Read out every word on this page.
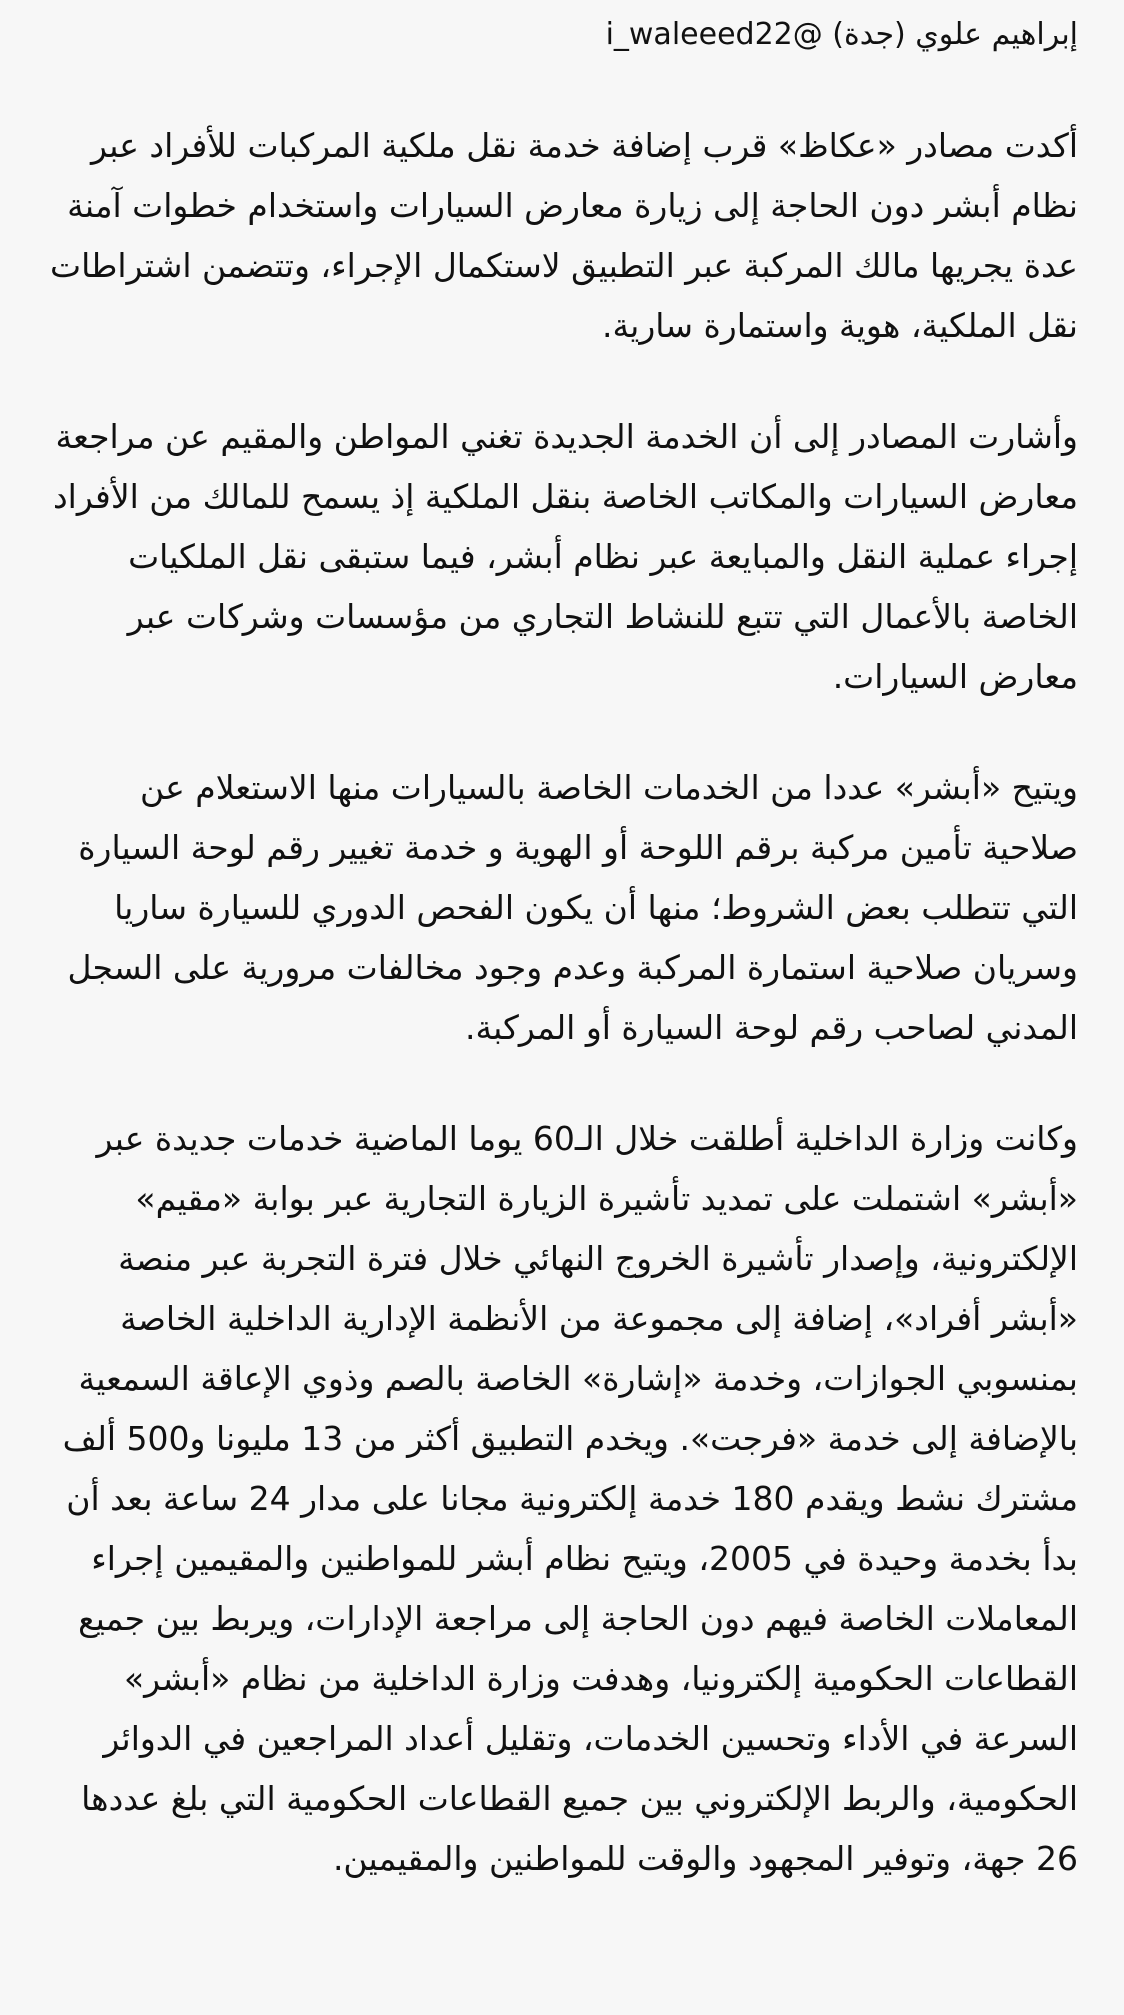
إبراهيم علوي (جدة) @i_waleeed22

أكدت مصادر «عكاظ» قرب إضافة خدمة نقل ملكية المركبات للأفراد عبر نظام أبشر دون الحاجة إلى زيارة معارض السيارات واستخدام خطوات آمنة عدة يجريها مالك المركبة عبر التطبيق لاستكمال الإجراء، وتتضمن اشتراطات نقل الملكية، هوية واستمارة سارية.

وأشارت المصادر إلى أن الخدمة الجديدة تغني المواطن والمقيم عن مراجعة معارض السيارات والمكاتب الخاصة بنقل الملكية إذ يسمح للمالك من الأفراد إجراء عملية النقل والمبايعة عبر نظام أبشر، فيما ستبقى نقل الملكيات الخاصة بالأعمال التي تتبع للنشاط التجاري من مؤسسات وشركات عبر معارض السيارات.

ويتيح «أبشر» عددا من الخدمات الخاصة بالسيارات منها الاستعلام عن صلاحية تأمين مركبة برقم اللوحة أو الهوية و خدمة تغيير رقم لوحة السيارة التي تتطلب بعض الشروط؛ منها أن يكون الفحص الدوري للسيارة ساريا وسريان صلاحية استمارة المركبة وعدم وجود مخالفات مرورية على السجل المدني لصاحب رقم لوحة السيارة أو المركبة.

وكانت وزارة الداخلية أطلقت خلال الـ60 يوما الماضية خدمات جديدة عبر «أبشر» اشتملت على تمديد تأشيرة الزيارة التجارية عبر بوابة «مقيم» الإلكترونية، وإصدار تأشيرة الخروج النهائي خلال فترة التجربة عبر منصة «أبشر أفراد»، إضافة إلى مجموعة من الأنظمة الإدارية الداخلية الخاصة بمنسوبي الجوازات، وخدمة «إشارة» الخاصة بالصم وذوي الإعاقة السمعية بالإضافة إلى خدمة «فرجت». ويخدم التطبيق أكثر من 13 مليونا و500 ألف مشترك نشط ويقدم 180 خدمة إلكترونية مجانا على مدار 24 ساعة بعد أن بدأ بخدمة وحيدة في 2005، ويتيح نظام أبشر للمواطنين والمقيمين إجراء المعاملات الخاصة فيهم دون الحاجة إلى مراجعة الإدارات، ويربط بين جميع القطاعات الحكومية إلكترونيا، وهدفت وزارة الداخلية من نظام «أبشر» السرعة في الأداء وتحسين الخدمات، وتقليل أعداد المراجعين في الدوائر الحكومية، والربط الإلكتروني بين جميع القطاعات الحكومية التي بلغ عددها 26 جهة، وتوفير المجهود والوقت للمواطنين والمقيمين.
